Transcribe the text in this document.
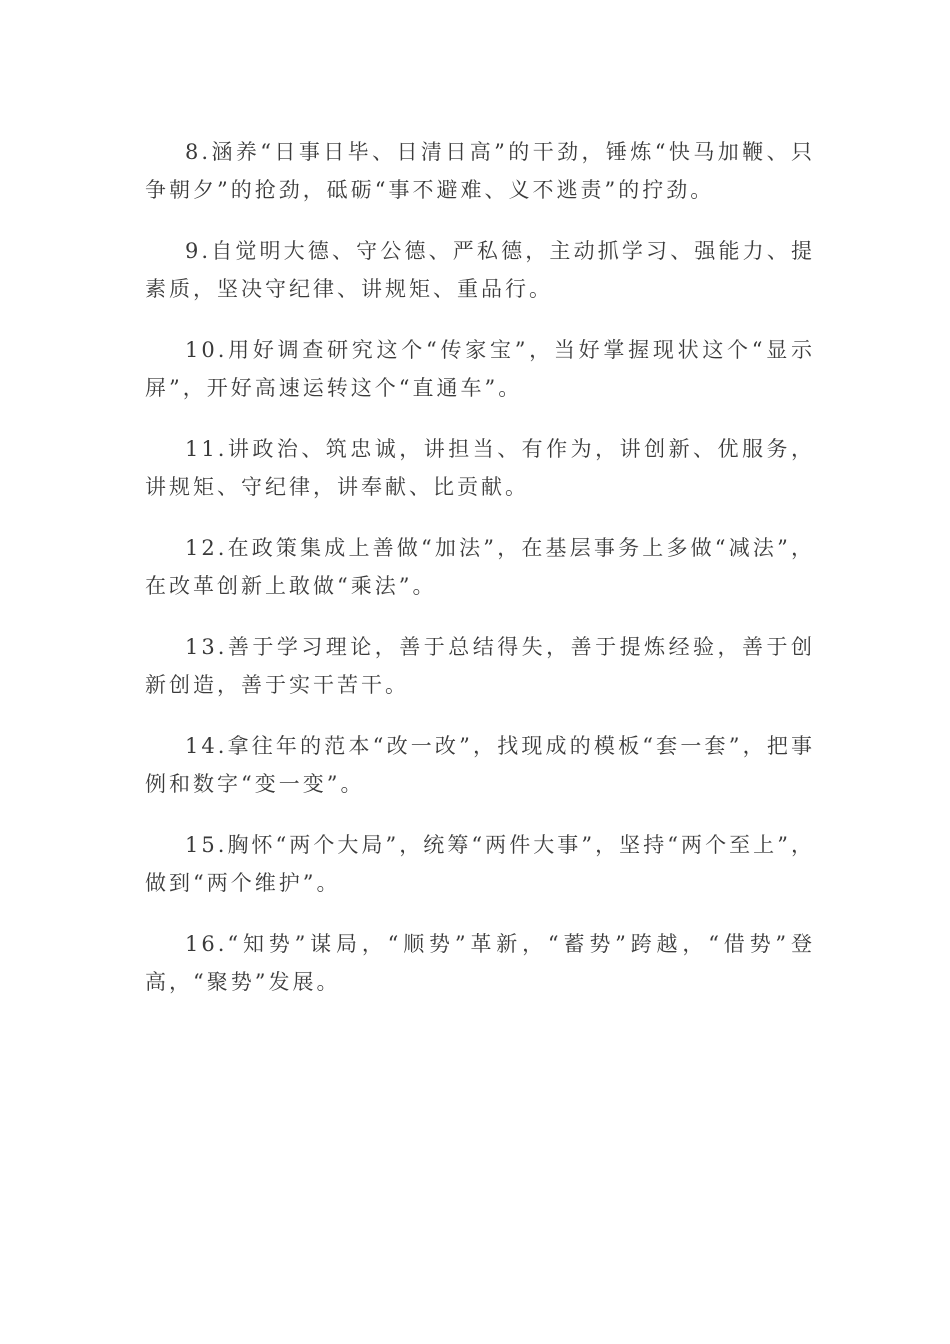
8.涵养“日事日毕、日清日高”的干劲，锤炼“快马加鞭、只争朝夕”的抢劲，砥砺“事不避难、义不逃责”的拧劲。

9.自觉明大德、守公德、严私德，主动抓学习、强能力、提素质，坚决守纪律、讲规矩、重品行。

10.用好调查研究这个“传家宝”，当好掌握现状这个“显示屏”，开好高速运转这个“直通车”。

11.讲政治、筑忠诚，讲担当、有作为，讲创新、优服务，讲规矩、守纪律，讲奉献、比贡献。

12.在政策集成上善做“加法”，在基层事务上多做“减法”，在改革创新上敢做“乘法”。

13.善于学习理论，善于总结得失，善于提炼经验，善于创新创造，善于实干苦干。

14.拿往年的范本“改一改”，找现成的模板“套一套”，把事例和数字“变一变”。

15.胸怀“两个大局”，统筹“两件大事”，坚持“两个至上”，做到“两个维护”。

16.“知势”谋局，“顺势”革新，“蓄势”跨越，“借势”登高，“聚势”发展。
